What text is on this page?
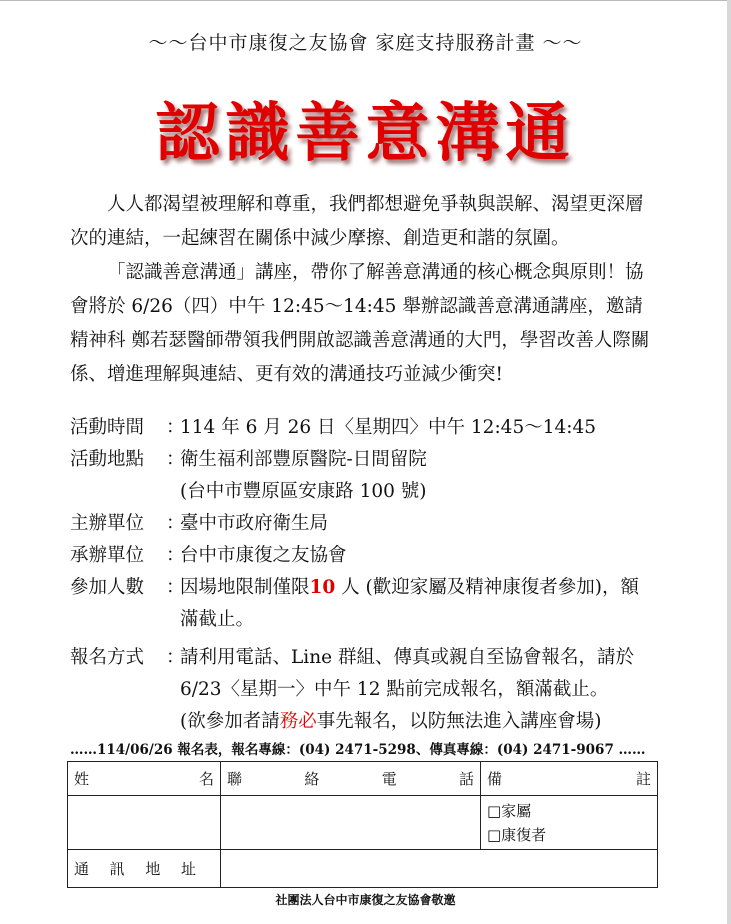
～～台中市康復之友協會 家庭支持服務計畫 ～～
認識善意溝通

人人都渴望被理解和尊重，我們都想避免爭執與誤解、渴望更深層次的連結，一起練習在關係中減少摩擦、創造更和諧的氛圍。

「認識善意溝通」講座，帶你了解善意溝通的核心概念與原則！協會將於 6/26（四）中午 12:45～14:45 舉辦認識善意溝通講座，邀請精神科 鄭若瑟醫師帶領我們開啟認識善意溝通的大門，學習改善人際關係、增進理解與連結、更有效的溝通技巧並減少衝突!

活動時間	：
114 年 6 月 26 日〈星期四〉中午 12:45～14:45
活動地點	：
衛生福利部豐原醫院-日間留院
(台中市豐原區安康路 100 號)
主辦單位	：
臺中市政府衛生局
承辦單位	：
台中市康復之友協會
參加人數	：
因場地限制僅限10 人 (歡迎家屬及精神康復者參加)，額
滿截止。
報名方式	：
請利用電話、Line 群組、傳真或親自至協會報名，請於
6/23〈星期一〉中午 12 點前完成報名，額滿截止。
(欲參加者請務必事先報名，以防無法進入講座會場)
……114/06/26 報名表，報名專線：(04) 2471-5298、傳真專線：(04) 2471-9067 ……
姓 名	聯 絡 電 話	備 註

		□家屬
□康復者

通 訊 地 址		

社團法人台中市康復之友協會敬邀
